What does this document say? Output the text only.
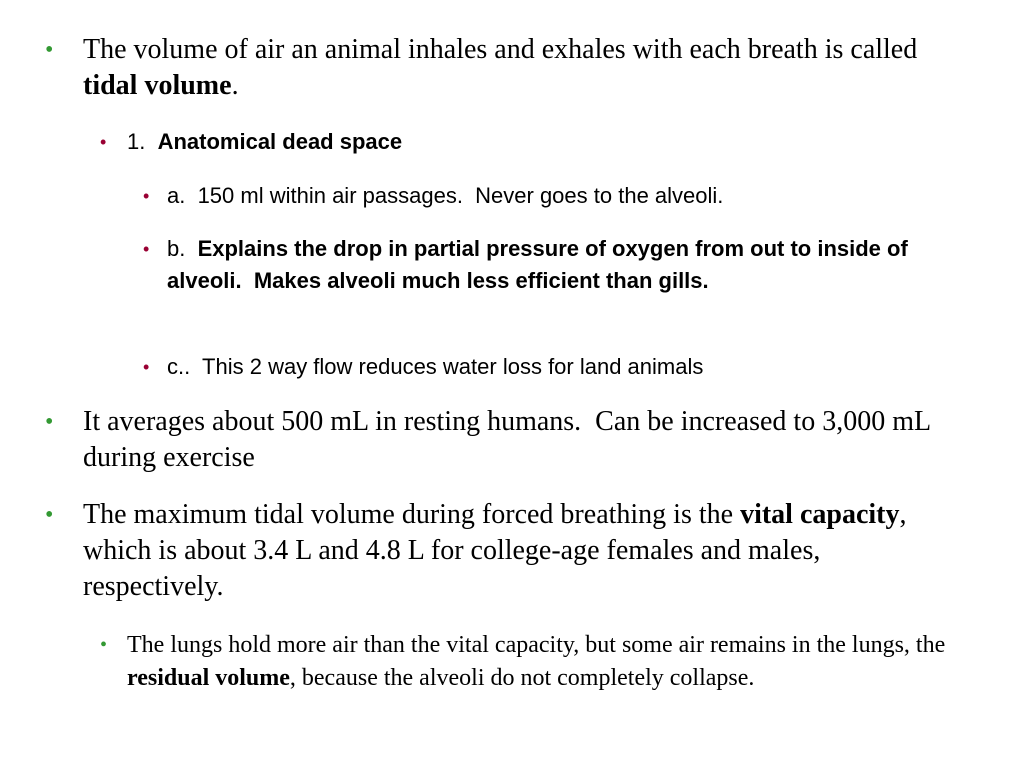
• The volume of air an animal inhales and exhales with each breath is called tidal volume.
• 1.  Anatomical dead space
• a.  150 ml within air passages.  Never goes to the alveoli.
• b.  Explains the drop in partial pressure of oxygen from out to inside of alveoli.  Makes alveoli much less efficient than gills.
• c..  This 2 way flow reduces water loss for land animals
• It averages about 500 mL in resting humans.  Can be increased to 3,000 mL during exercise
• The maximum tidal volume during forced breathing is the vital capacity, which is about 3.4 L and 4.8 L for college-age females and males, respectively.
• The lungs hold more air than the vital capacity, but some air remains in the lungs, the residual volume, because the alveoli do not completely collapse.
